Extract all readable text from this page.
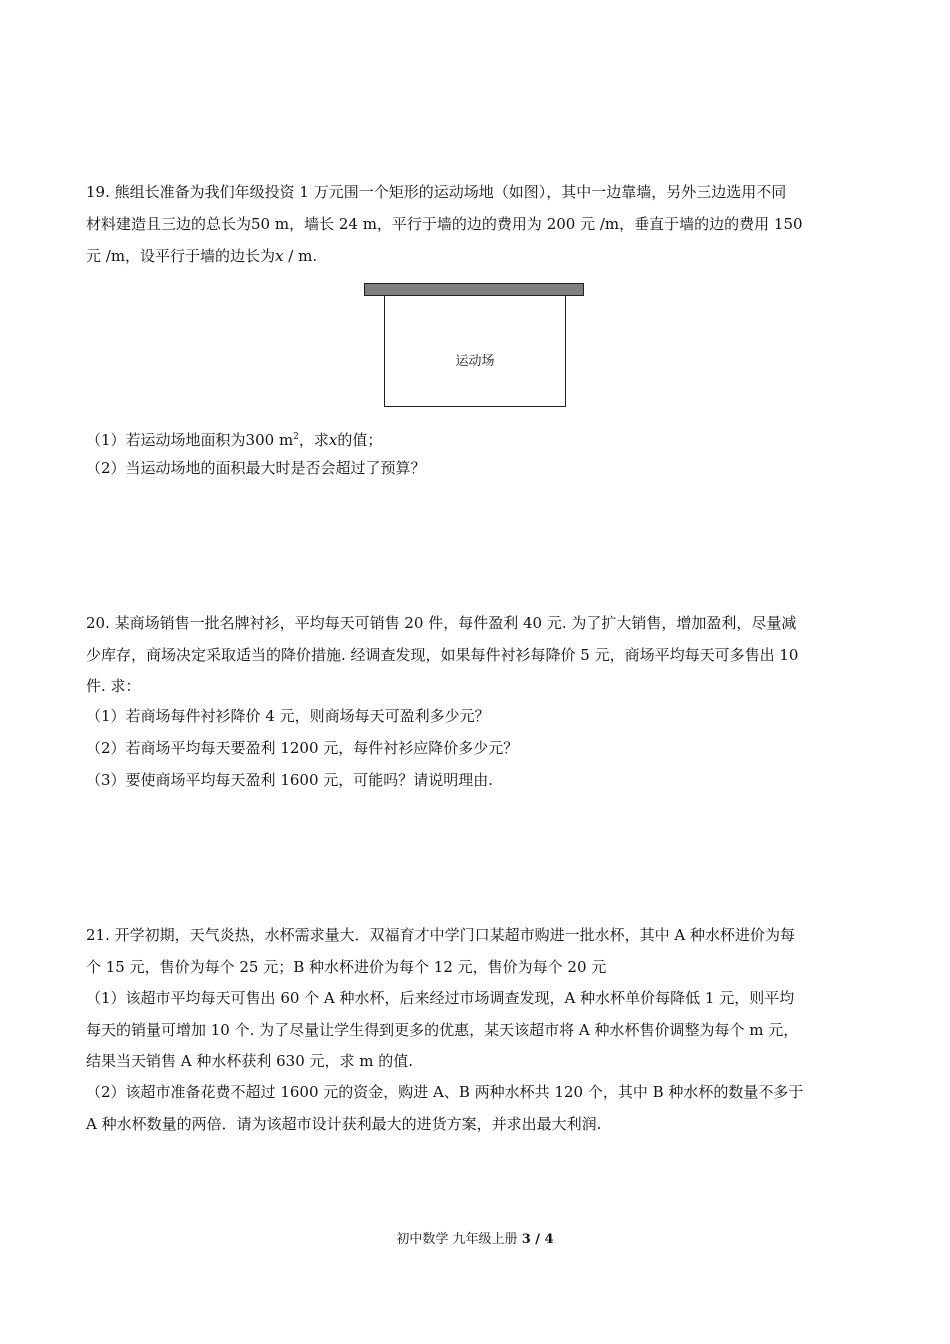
19. 熊组长准备为我们年级投资 1 万元围一个矩形的运动场地（如图），其中一边靠墙，另外三边选用不同
材料建造且三边的总长为50 m，墙长 24 m，平行于墙的边的费用为 200 元 /m，垂直于墙的边的费用 150
元 /m，设平行于墙的边长为x / m.
运动场
（1）若运动场地面积为300 $m^2$，求x的值；
（2）当运动场地的面积最大时是否会超过了预算？
20. 某商场销售一批名牌衬衫，平均每天可销售 20 件，每件盈利 40 元. 为了扩大销售，增加盈利，尽量减
少库存，商场决定采取适当的降价措施. 经调查发现，如果每件衬衫每降价 5 元，商场平均每天可多售出 10
件. 求：
（1）若商场每件衬衫降价 4 元，则商场每天可盈利多少元？
（2）若商场平均每天要盈利 1200 元，每件衬衫应降价多少元？
（3）要使商场平均每天盈利 1600 元，可能吗？请说明理由.
21. 开学初期，天气炎热，水杯需求量大．双福育才中学门口某超市购进一批水杯，其中 A 种水杯进价为每
个 15 元，售价为每个 25 元；B 种水杯进价为每个 12 元，售价为每个 20 元
（1）该超市平均每天可售出 60 个 A 种水杯，后来经过市场调查发现，A 种水杯单价每降低 1 元，则平均
每天的销量可增加 10 个. 为了尽量让学生得到更多的优惠，某天该超市将 A 种水杯售价调整为每个 m 元，
结果当天销售 A 种水杯获利 630 元，求 m 的值.
（2）该超市准备花费不超过 1600 元的资金，购进 A、B 两种水杯共 120 个，其中 B 种水杯的数量不多于
A 种水杯数量的两倍．请为该超市设计获利最大的进货方案，并求出最大利润.
初中数学 九年级上册 3 / 4
